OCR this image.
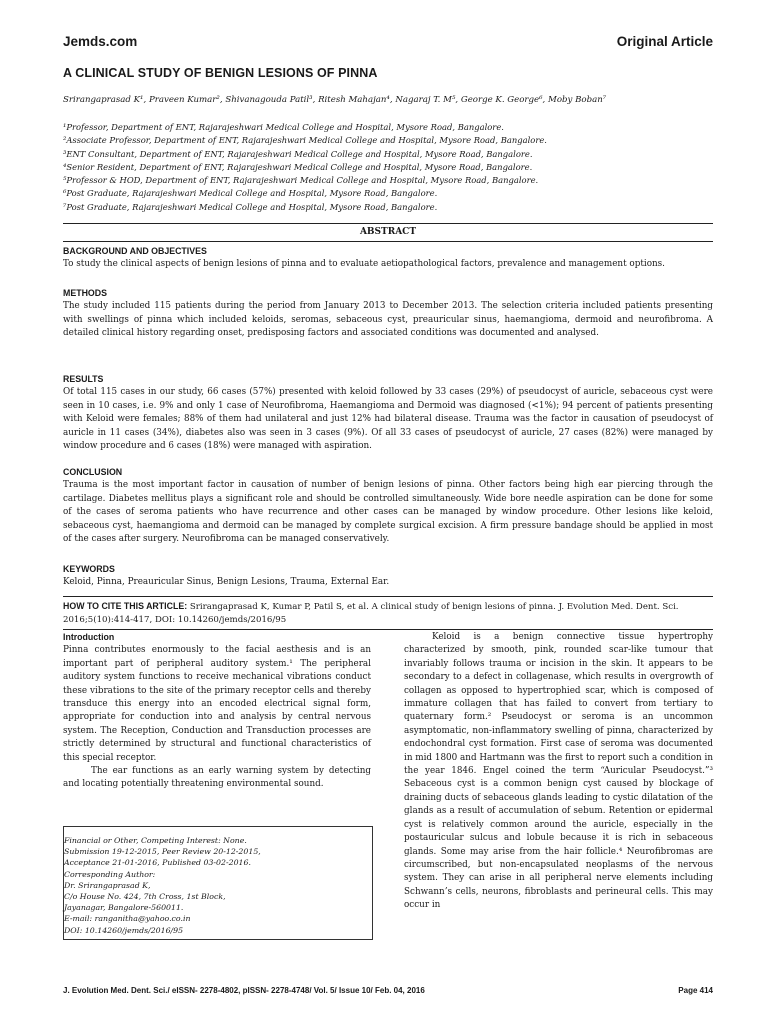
Jemds.com	Original Article
A CLINICAL STUDY OF BENIGN LESIONS OF PINNA
Srirangaprasad K¹, Praveen Kumar², Shivanagouda Patil³, Ritesh Mahajan⁴, Nagaraj T. M⁵, George K. George⁶, Moby Boban⁷
¹Professor, Department of ENT, Rajarajeshwari Medical College and Hospital, Mysore Road, Bangalore.
²Associate Professor, Department of ENT, Rajarajeshwari Medical College and Hospital, Mysore Road, Bangalore.
³ENT Consultant, Department of ENT, Rajarajeshwari Medical College and Hospital, Mysore Road, Bangalore.
⁴Senior Resident, Department of ENT, Rajarajeshwari Medical College and Hospital, Mysore Road, Bangalore.
⁵Professor & HOD, Department of ENT, Rajarajeshwari Medical College and Hospital, Mysore Road, Bangalore.
⁶Post Graduate, Rajarajeshwari Medical College and Hospital, Mysore Road, Bangalore.
⁷Post Graduate, Rajarajeshwari Medical College and Hospital, Mysore Road, Bangalore.
ABSTRACT
BACKGROUND AND OBJECTIVES

To study the clinical aspects of benign lesions of pinna and to evaluate aetiopathological factors, prevalence and management options.

METHODS

The study included 115 patients during the period from January 2013 to December 2013. The selection criteria included patients presenting with swellings of pinna which included keloids, seromas, sebaceous cyst, preauricular sinus, haemangioma, dermoid and neurofibroma. A detailed clinical history regarding onset, predisposing factors and associated conditions was documented and analysed.

RESULTS

Of total 115 cases in our study, 66 cases (57%) presented with keloid followed by 33 cases (29%) of pseudocyst of auricle, sebaceous cyst were seen in 10 cases, i.e. 9% and only 1 case of Neurofibroma, Haemangioma and Dermoid was diagnosed (<1%); 94 percent of patients presenting with Keloid were females; 88% of them had unilateral and just 12% had bilateral disease. Trauma was the factor in causation of pseudocyst of auricle in 11 cases (34%), diabetes also was seen in 3 cases (9%). Of all 33 cases of pseudocyst of auricle, 27 cases (82%) were managed by window procedure and 6 cases (18%) were managed with aspiration.

CONCLUSION

Trauma is the most important factor in causation of number of benign lesions of pinna. Other factors being high ear piercing through the cartilage. Diabetes mellitus plays a significant role and should be controlled simultaneously. Wide bore needle aspiration can be done for some of the cases of seroma patients who have recurrence and other cases can be managed by window procedure. Other lesions like keloid, sebaceous cyst, haemangioma and dermoid can be managed by complete surgical excision. A firm pressure bandage should be applied in most of the cases after surgery. Neurofibroma can be managed conservatively.

KEYWORDS

Keloid, Pinna, Preauricular Sinus, Benign Lesions, Trauma, External Ear.

HOW TO CITE THIS ARTICLE: Srirangaprasad K, Kumar P, Patil S, et al. A clinical study of benign lesions of pinna. J. Evolution Med. Dent. Sci. 2016;5(10):414-417, DOI: 10.14260/jemds/2016/95
Introduction

Pinna contributes enormously to the facial aesthesis and is an important part of peripheral auditory system.¹ The peripheral auditory system functions to receive mechanical vibrations conduct these vibrations to the site of the primary receptor cells and thereby transduce this energy into an encoded electrical signal form, appropriate for conduction into and analysis by central nervous system. The Reception, Conduction and Transduction processes are strictly determined by structural and functional characteristics of this special receptor.

The ear functions as an early warning system by detecting and locating potentially threatening environmental sound.

Financial or Other, Competing Interest: None.
Submission 19-12-2015, Peer Review 20-12-2015,
Acceptance 21-01-2016, Published 03-02-2016.
Corresponding Author:
Dr. Srirangaprasad K,
C/o House No. 424, 7th Cross, 1st Block,
Jayanagar, Bangalore-560011.
E-mail: ranganitha@yahoo.co.in
DOI: 10.14260/jemds/2016/95

Keloid is a benign connective tissue hypertrophy characterized by smooth, pink, rounded scar-like tumour that invariably follows trauma or incision in the skin. It appears to be secondary to a defect in collagenase, which results in overgrowth of collagen as opposed to hypertrophied scar, which is composed of immature collagen that has failed to convert from tertiary to quaternary form.² Pseudocyst or seroma is an uncommon asymptomatic, non-inflammatory swelling of pinna, characterized by endochondral cyst formation. First case of seroma was documented in mid 1800 and Hartmann was the first to report such a condition in the year 1846. Engel coined the term “Auricular Pseudocyst.”³ Sebaceous cyst is a common benign cyst caused by blockage of draining ducts of sebaceous glands leading to cystic dilatation of the glands as a result of accumulation of sebum. Retention or epidermal cyst is relatively common around the auricle, especially in the postauricular sulcus and lobule because it is rich in sebaceous glands. Some may arise from the hair follicle.⁴ Neurofibromas are circumscribed, but non-encapsulated neoplasms of the nervous system. They can arise in all peripheral nerve elements including Schwann’s cells, neurons, fibroblasts and perineural cells. This may occur in

J. Evolution Med. Dent. Sci./ eISSN- 2278-4802, pISSN- 2278-4748/ Vol. 5/ Issue 10/ Feb. 04, 2016	Page 414
